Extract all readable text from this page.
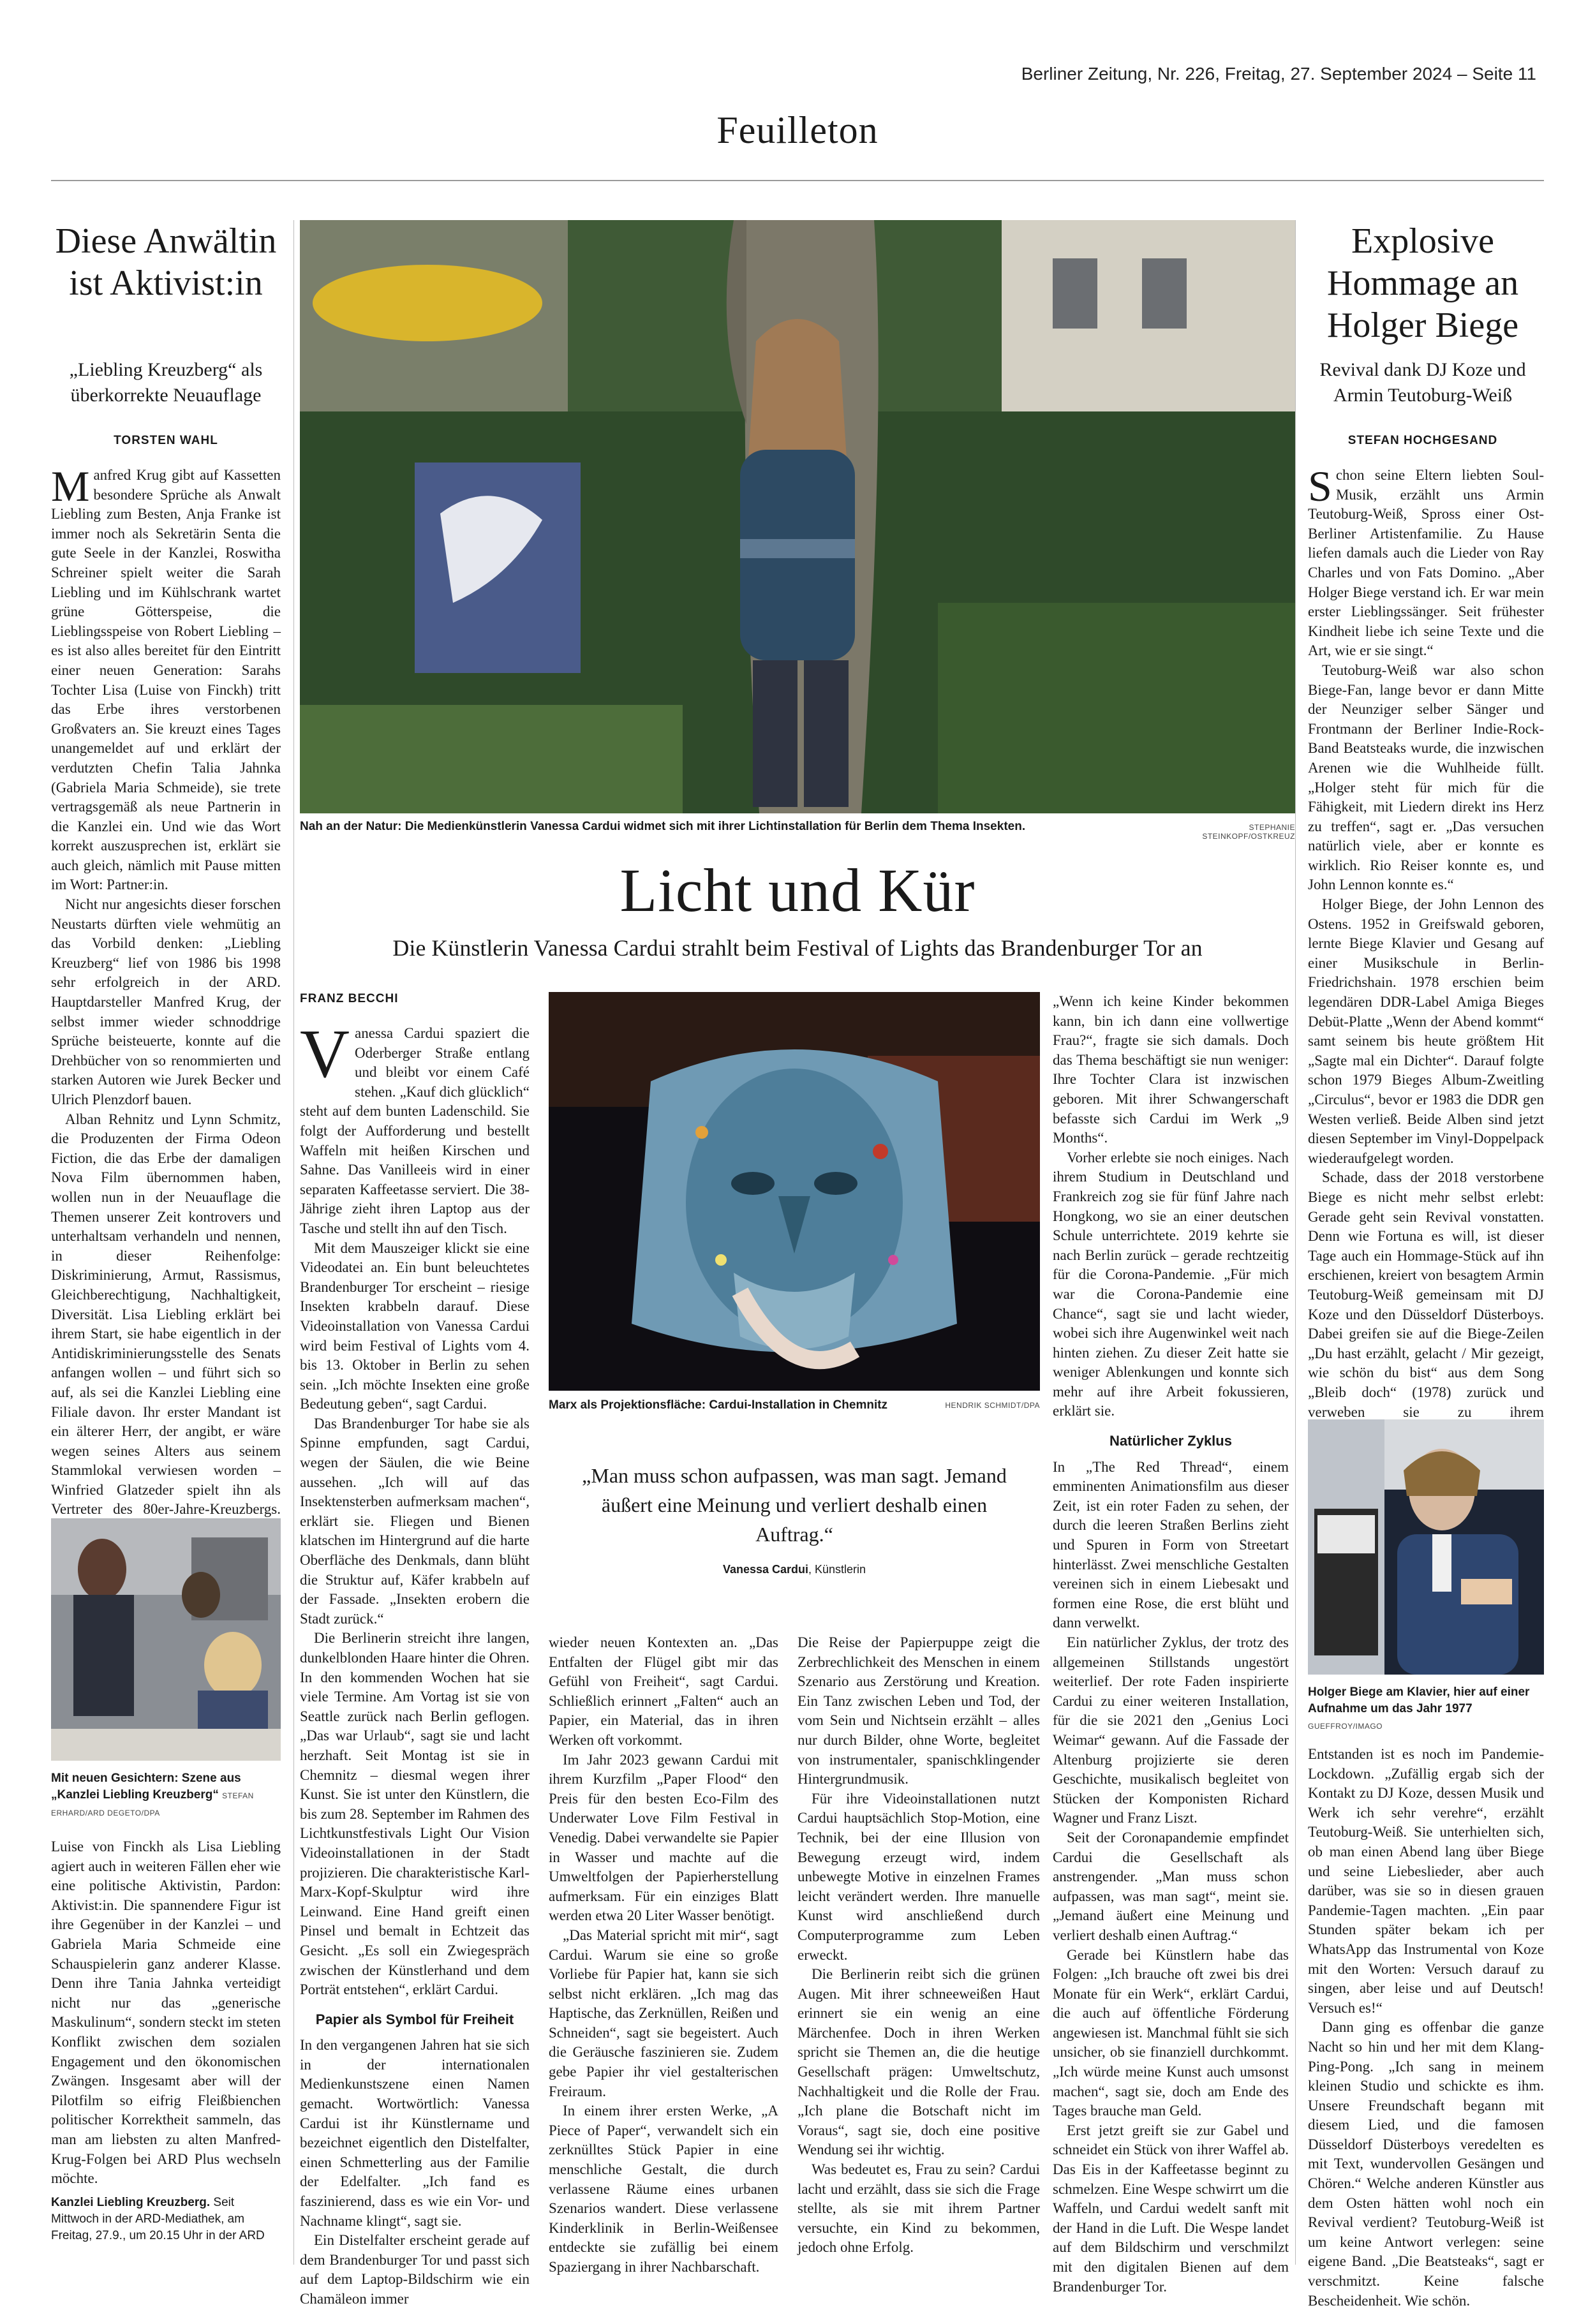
Berliner Zeitung, Nr. 226, Freitag, 27. September 2024 – Seite 11
Feuilleton
Diese Anwältin ist Aktivist:in
„Liebling Kreuzberg“ als überkorrekte Neuauflage
TORSTEN WAHL

Manfred Krug gibt auf Kassetten besondere Sprüche als Anwalt Liebling zum Besten, Anja Franke ist immer noch als Sekretärin Senta die gute Seele in der Kanzlei, Roswitha Schreiner spielt weiter die Sarah Liebling und im Kühlschrank wartet grüne Götterspeise, die Lieblingsspeise von Robert Liebling – es ist also alles bereitet für den Eintritt einer neuen Generation: Sarahs Tochter Lisa (Luise von Finckh) tritt das Erbe ihres verstorbenen Großvaters an. Sie kreuzt eines Tages unangemeldet auf und erklärt der verdutzten Chefin Talia Jahnka (Gabriela Maria Schmeide), sie trete vertragsgemäß als neue Partnerin in die Kanzlei ein. Und wie das Wort korrekt auszusprechen ist, erklärt sie auch gleich, nämlich mit Pause mitten im Wort: Partner:in.

Nicht nur angesichts dieser forschen Neustarts dürften viele wehmütig an das Vorbild denken: „Liebling Kreuzberg“ lief von 1986 bis 1998 sehr erfolgreich in der ARD. Hauptdarsteller Manfred Krug, der selbst immer wieder schnoddrige Sprüche beisteuerte, konnte auf die Drehbücher von so renommierten und starken Autoren wie Jurek Becker und Ulrich Plenzdorf bauen.

Alban Rehnitz und Lynn Schmitz, die Produzenten der Firma Odeon Fiction, die das Erbe der damaligen Nova Film übernommen haben, wollen nun in der Neuauflage die Themen unserer Zeit kontrovers und unterhaltsam verhandeln und nennen, in dieser Reihenfolge: Diskriminierung, Armut, Rassismus, Gleichberechtigung, Nachhaltigkeit, Diversität. Lisa Liebling erklärt bei ihrem Start, sie habe eigentlich in der Antidiskriminierungsstelle des Senats anfangen wollen – und führt sich so auf, als sei die Kanzlei Liebling eine Filiale davon. Ihr erster Mandant ist ein älterer Herr, der angibt, er wäre wegen seines Alters aus seinem Stammlokal verwiesen worden – Winfried Glatzeder spielt ihn als Vertreter des 80er-Jahre-Kreuzbergs.

Mit neuen Gesichtern: Szene aus „Kanzlei Liebling Kreuzberg“ STEFAN ERHARD/ARD DEGETO/DPA

Luise von Finckh als Lisa Liebling agiert auch in weiteren Fällen eher wie eine politische Aktivistin, Pardon: Aktivist:in. Die spannendere Figur ist ihre Gegenüber in der Kanzlei – und Gabriela Maria Schmeide eine Schauspielerin ganz anderer Klasse. Denn ihre Tania Jahnka verteidigt nicht nur das „generische Maskulinum“, sondern steckt im steten Konflikt zwischen dem sozialen Engagement und den ökonomischen Zwängen. Insgesamt aber will der Pilotfilm so eifrig Fleißbienchen politischer Korrektheit sammeln, das man am liebsten zu alten Manfred-Krug-Folgen bei ARD Plus wechseln möchte.

Kanzlei Liebling Kreuzberg. Seit Mittwoch in der ARD-Mediathek, am Freitag, 27.9., um 20.15 Uhr in der ARD
Nah an der Natur: Die Medienkünstlerin Vanessa Cardui widmet sich mit ihrer Lichtinstallation für Berlin dem Thema Insekten.	STEPHANIE STEINKOPF/OSTKREUZ
Licht und Kür
Die Künstlerin Vanessa Cardui strahlt beim Festival of Lights das Brandenburger Tor an
FRANZ BECCHI

Vanessa Cardui spaziert die Oderberger Straße entlang und bleibt vor einem Café stehen. „Kauf dich glücklich“ steht auf dem bunten Ladenschild. Sie folgt der Aufforderung und bestellt Waffeln mit heißen Kirschen und Sahne. Das Vanilleeis wird in einer separaten Kaffeetasse serviert. Die 38-Jährige zieht ihren Laptop aus der Tasche und stellt ihn auf den Tisch.

Mit dem Mauszeiger klickt sie eine Videodatei an. Ein bunt beleuchtetes Brandenburger Tor erscheint – riesige Insekten krabbeln darauf. Diese Videoinstallation von Vanessa Cardui wird beim Festival of Lights vom 4. bis 13. Oktober in Berlin zu sehen sein. „Ich möchte Insekten eine große Bedeutung geben“, sagt Cardui.

Das Brandenburger Tor habe sie als Spinne empfunden, sagt Cardui, wegen der Säulen, die wie Beine aussehen. „Ich will auf das Insektensterben aufmerksam machen“, erklärt sie. Fliegen und Bienen klatschen im Hintergrund auf die harte Oberfläche des Denkmals, dann blüht die Struktur auf, Käfer krabbeln auf der Fassade. „Insekten erobern die Stadt zurück.“

Die Berlinerin streicht ihre langen, dunkelblonden Haare hinter die Ohren. In den kommenden Wochen hat sie viele Termine. Am Vortag ist sie von Seattle zurück nach Berlin geflogen. „Das war Urlaub“, sagt sie und lacht herzhaft. Seit Montag ist sie in Chemnitz – diesmal wegen ihrer Kunst. Sie ist unter den Künstlern, die bis zum 28. September im Rahmen des Lichtkunstfestivals Light Our Vision Videoinstallationen in der Stadt projizieren. Die charakteristische Karl-Marx-Kopf-Skulptur wird ihre Leinwand. Eine Hand greift einen Pinsel und bemalt in Echtzeit das Gesicht. „Es soll ein Zwiegespräch zwischen der Künstlerhand und dem Porträt entstehen“, erklärt Cardui.

Papier als Symbol für Freiheit

In den vergangenen Jahren hat sie sich in der internationalen Medienkunstszene einen Namen gemacht. Wortwörtlich: Vanessa Cardui ist ihr Künstlername und bezeichnet eigentlich den Distelfalter, einen Schmetterling aus der Familie der Edelfalter. „Ich fand es faszinierend, dass es wie ein Vor- und Nachname klingt“, sagt sie.

Ein Distelfalter erscheint gerade auf dem Brandenburger Tor und passt sich auf dem Laptop-Bildschirm wie ein Chamäleon immer

Marx als Projektionsfläche: Cardui-Installation in Chemnitz	HENDRIK SCHMIDT/DPA
„Man muss schon aufpassen, was man sagt. Jemand äußert eine Meinung und verliert deshalb einen Auftrag.“
Vanessa Cardui, Künstlerin

wieder neuen Kontexten an. „Das Entfalten der Flügel gibt mir das Gefühl von Freiheit“, sagt Cardui. Schließlich erinnert „Falten“ auch an Papier, ein Material, das in ihren Werken oft vorkommt.

Im Jahr 2023 gewann Cardui mit ihrem Kurzfilm „Paper Flood“ den Preis für den besten Eco-Film des Underwater Love Film Festival in Venedig. Dabei verwandelte sie Papier in Wasser und machte auf die Umweltfolgen der Papierherstellung aufmerksam. Für ein einziges Blatt werden etwa 20 Liter Wasser benötigt.

„Das Material spricht mit mir“, sagt Cardui. Warum sie eine so große Vorliebe für Papier hat, kann sie sich selbst nicht erklären. „Ich mag das Haptische, das Zerknüllen, Reißen und Schneiden“, sagt sie begeistert. Auch die Geräusche faszinieren sie. Zudem gebe Papier ihr viel gestalterischen Freiraum.

In einem ihrer ersten Werke, „A Piece of Paper“, verwandelt sich ein zerknülltes Stück Papier in eine menschliche Gestalt, die durch verlassene Räume eines urbanen Szenarios wandert. Diese verlassene Kinderklinik in Berlin-Weißensee entdeckte sie zufällig bei einem Spaziergang in ihrer Nachbarschaft.

Die Reise der Papierpuppe zeigt die Zerbrechlichkeit des Menschen in einem Szenario aus Zerstörung und Kreation. Ein Tanz zwischen Leben und Tod, der vom Sein und Nichtsein erzählt – alles nur durch Bilder, ohne Worte, begleitet von instrumentaler, spanischklingender Hintergrundmusik.

Für ihre Videoinstallationen nutzt Cardui hauptsächlich Stop-Motion, eine Technik, bei der eine Illusion von Bewegung erzeugt wird, indem unbewegte Motive in einzelnen Frames leicht verändert werden. Ihre manuelle Kunst wird anschließend durch Computerprogramme zum Leben erweckt.

Die Berlinerin reibt sich die grünen Augen. Mit ihrer schneeweißen Haut erinnert sie ein wenig an eine Märchenfee. Doch in ihren Werken spricht sie Themen an, die die heutige Gesellschaft prägen: Umweltschutz, Nachhaltigkeit und die Rolle der Frau. „Ich plane die Botschaft nicht im Voraus“, sagt sie, doch eine positive Wendung sei ihr wichtig.

Was bedeutet es, Frau zu sein? Cardui lacht und erzählt, dass sie sich die Frage stellte, als sie mit ihrem Partner versuchte, ein Kind zu bekommen, jedoch ohne Erfolg.

„Wenn ich keine Kinder bekommen kann, bin ich dann eine vollwertige Frau?“, fragte sie sich damals. Doch das Thema beschäftigt sie nun weniger: Ihre Tochter Clara ist inzwischen geboren. Mit ihrer Schwangerschaft befasste sich Cardui im Werk „9 Months“.

Vorher erlebte sie noch einiges. Nach ihrem Studium in Deutschland und Frankreich zog sie für fünf Jahre nach Hongkong, wo sie an einer deutschen Schule unterrichtete. 2019 kehrte sie nach Berlin zurück – gerade rechtzeitig für die Corona-Pandemie. „Für mich war die Corona-Pandemie eine Chance“, sagt sie und lacht wieder, wobei sich ihre Augenwinkel weit nach hinten ziehen. Zu dieser Zeit hatte sie weniger Ablenkungen und konnte sich mehr auf ihre Arbeit fokussieren, erklärt sie.

Natürlicher Zyklus

In „The Red Thread“, einem emminenten Animationsfilm aus dieser Zeit, ist ein roter Faden zu sehen, der durch die leeren Straßen Berlins zieht und Spuren in Form von Streetart hinterlässt. Zwei menschliche Gestalten vereinen sich in einem Liebesakt und formen eine Rose, die erst blüht und dann verwelkt.

Ein natürlicher Zyklus, der trotz des allgemeinen Stillstands ungestört weiterlief. Der rote Faden inspirierte Cardui zu einer weiteren Installation, für die sie 2021 den „Genius Loci Weimar“ gewann. Auf die Fassade der Altenburg projizierte sie deren Geschichte, musikalisch begleitet von Stücken der Komponisten Richard Wagner und Franz Liszt.

Seit der Coronapandemie empfindet Cardui die Gesellschaft als anstrengender. „Man muss schon aufpassen, was man sagt“, meint sie. „Jemand äußert eine Meinung und verliert deshalb einen Auftrag.“

Gerade bei Künstlern habe das Folgen: „Ich brauche oft zwei bis drei Monate für ein Werk“, erklärt Cardui, die auch auf öffentliche Förderung angewiesen ist. Manchmal fühlt sie sich unsicher, ob sie finanziell durchkommt. „Ich würde meine Kunst auch umsonst machen“, sagt sie, doch am Ende des Tages brauche man Geld.

Erst jetzt greift sie zur Gabel und schneidet ein Stück von ihrer Waffel ab. Das Eis in der Kaffeetasse beginnt zu schmelzen. Eine Wespe schwirrt um die Waffeln, und Cardui wedelt sanft mit der Hand in die Luft. Die Wespe landet auf dem Bildschirm und verschmilzt mit den digitalen Bienen auf dem Brandenburger Tor.

Explosive Hommage an Holger Biege
Revival dank DJ Koze und Armin Teutoburg-Weiß
STEFAN HOCHGESAND

Schon seine Eltern liebten Soul-Musik, erzählt uns Armin Teutoburg-Weiß, Spross einer Ost-Berliner Artistenfamilie. Zu Hause liefen damals auch die Lieder von Ray Charles und von Fats Domino. „Aber Holger Biege verstand ich. Er war mein erster Lieblingssänger. Seit frühester Kindheit liebe ich seine Texte und die Art, wie er sie singt.“

Teutoburg-Weiß war also schon Biege-Fan, lange bevor er dann Mitte der Neunziger selber Sänger und Frontmann der Berliner Indie-Rock-Band Beatsteaks wurde, die inzwischen Arenen wie die Wuhlheide füllt. „Holger steht für mich für die Fähigkeit, mit Liedern direkt ins Herz zu treffen“, sagt er. „Das versuchen natürlich viele, aber er konnte es wirklich. Rio Reiser konnte es, und John Lennon konnte es.“

Holger Biege, der John Lennon des Ostens. 1952 in Greifswald geboren, lernte Biege Klavier und Gesang auf einer Musikschule in Berlin-Friedrichshain. 1978 erschien beim legendären DDR-Label Amiga Bieges Debüt-Platte „Wenn der Abend kommt“ samt seinem bis heute größtem Hit „Sagte mal ein Dichter“. Darauf folgte schon 1979 Bieges Album-Zweitling „Circulus“, bevor er 1983 die DDR gen Westen verließ. Beide Alben sind jetzt diesen September im Vinyl-Doppelpack wiederaufgelegt worden.

Schade, dass der 2018 verstorbene Biege es nicht mehr selbst erlebt: Gerade geht sein Revival vonstatten. Denn wie Fortuna es will, ist dieser Tage auch ein Hommage-Stück auf ihn erschienen, kreiert von besagtem Armin Teutoburg-Weiß gemeinsam mit DJ Koze und den Düsseldorf Düsterboys. Dabei greifen sie auf die Biege-Zeilen „Du hast erzählt, gelacht / Mir gezeigt, wie schön du bist“ aus dem Song „Bleib doch“ (1978) zurück und verweben sie zu ihrem

Holger Biege am Klavier, hier auf einer Aufnahme um das Jahr 1977 GUEFFROY/IMAGO

Entstanden ist es noch im Pandemie-Lockdown. „Zufällig ergab sich der Kontakt zu DJ Koze, dessen Musik und Werk ich sehr verehre“, erzählt Teutoburg-Weiß. Sie unterhielten sich, ob man einen Abend lang über Biege und seine Liebeslieder, aber auch darüber, was sie so in diesen grauen Pandemie-Tagen machten. „Ein paar Stunden später bekam ich per WhatsApp das Instrumental von Koze mit den Worten: Versuch darauf zu singen, aber leise und auf Deutsch! Versuch es!“

Dann ging es offenbar die ganze Nacht so hin und her mit dem Klang-Ping-Pong. „Ich sang in meinem kleinen Studio und schickte es ihm. Unsere Freundschaft begann mit diesem Lied, und die famosen Düsseldorf Düsterboys veredelten es mit Text, wundervollen Gesängen und Chören.“ Welche anderen Künstler aus dem Osten hätten wohl noch ein Revival verdient? Teutoburg-Weiß ist um keine Antwort verlegen: seine eigene Band. „Die Beatsteaks“, sagt er verschmitzt. Keine falsche Bescheidenheit. Wie schön.
